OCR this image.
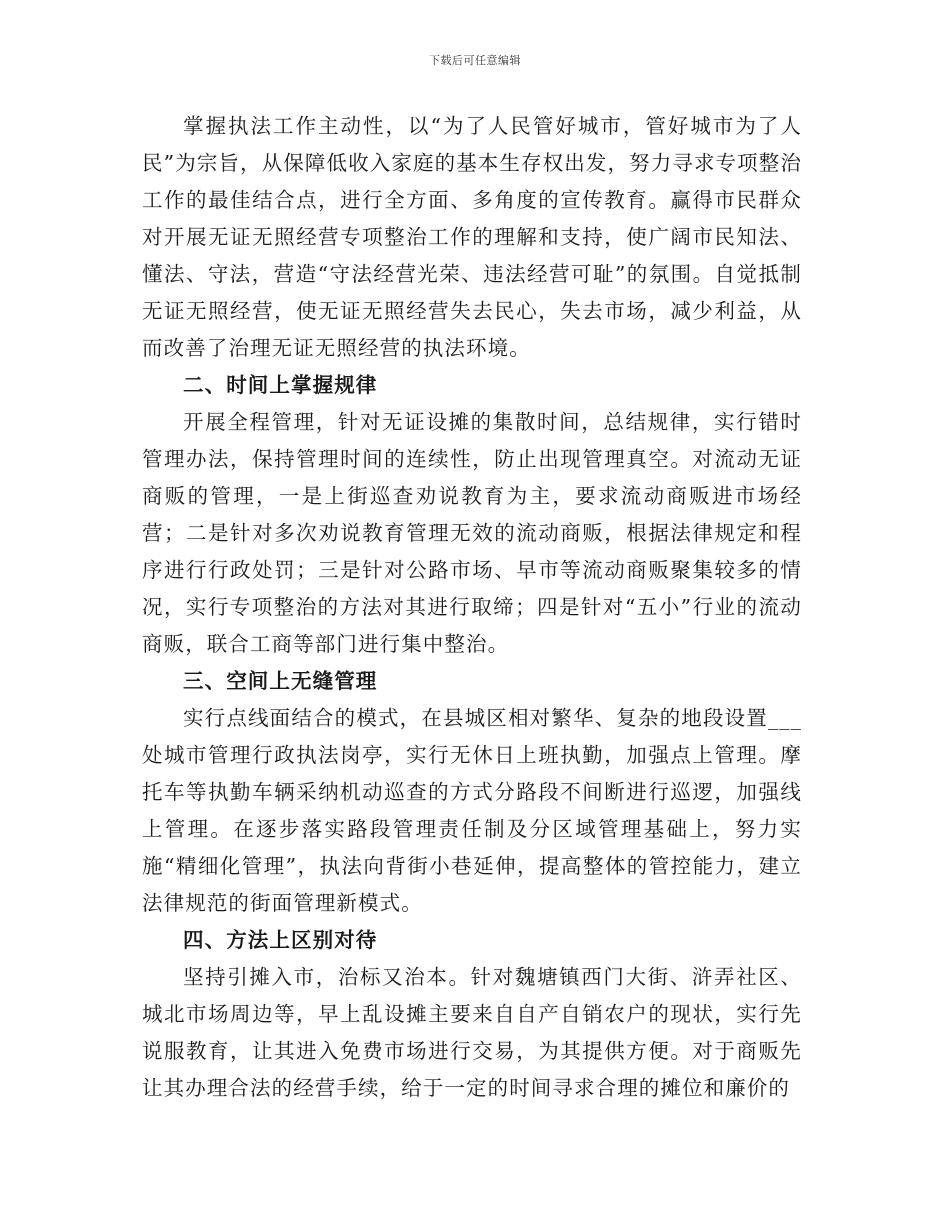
下载后可任意编辑

掌握执法工作主动性，以“为了人民管好城市，管好城市为了人民”为宗旨，从保障低收入家庭的基本生存权出发，努力寻求专项整治工作的最佳结合点，进行全方面、多角度的宣传教育。赢得市民群众对开展无证无照经营专项整治工作的理解和支持，使广阔市民知法、懂法、守法，营造“守法经营光荣、违法经营可耻”的氛围。自觉抵制无证无照经营，使无证无照经营失去民心，失去市场，减少利益，从而改善了治理无证无照经营的执法环境。

二、时间上掌握规律

开展全程管理，针对无证设摊的集散时间，总结规律，实行错时管理办法，保持管理时间的连续性，防止出现管理真空。对流动无证商贩的管理，一是上街巡查劝说教育为主，要求流动商贩进市场经营；二是针对多次劝说教育管理无效的流动商贩，根据法律规定和程序进行行政处罚；三是针对公路市场、早市等流动商贩聚集较多的情况，实行专项整治的方法对其进行取缔；四是针对“五小”行业的流动商贩，联合工商等部门进行集中整治。

三、空间上无缝管理

实行点线面结合的模式，在县城区相对繁华、复杂的地段设置___处城市管理行政执法岗亭，实行无休日上班执勤，加强点上管理。摩托车等执勤车辆采纳机动巡查的方式分路段不间断进行巡逻，加强线上管理。在逐步落实路段管理责任制及分区域管理基础上，努力实施“精细化管理”，执法向背街小巷延伸，提高整体的管控能力，建立法律规范的街面管理新模式。

四、方法上区别对待

坚持引摊入市，治标又治本。针对魏塘镇西门大街、浒弄社区、城北市场周边等，早上乱设摊主要来自自产自销农户的现状，实行先说服教育，让其进入免费市场进行交易，为其提供方便。对于商贩先让其办理合法的经营手续，给于一定的时间寻求合理的摊位和廉价的
